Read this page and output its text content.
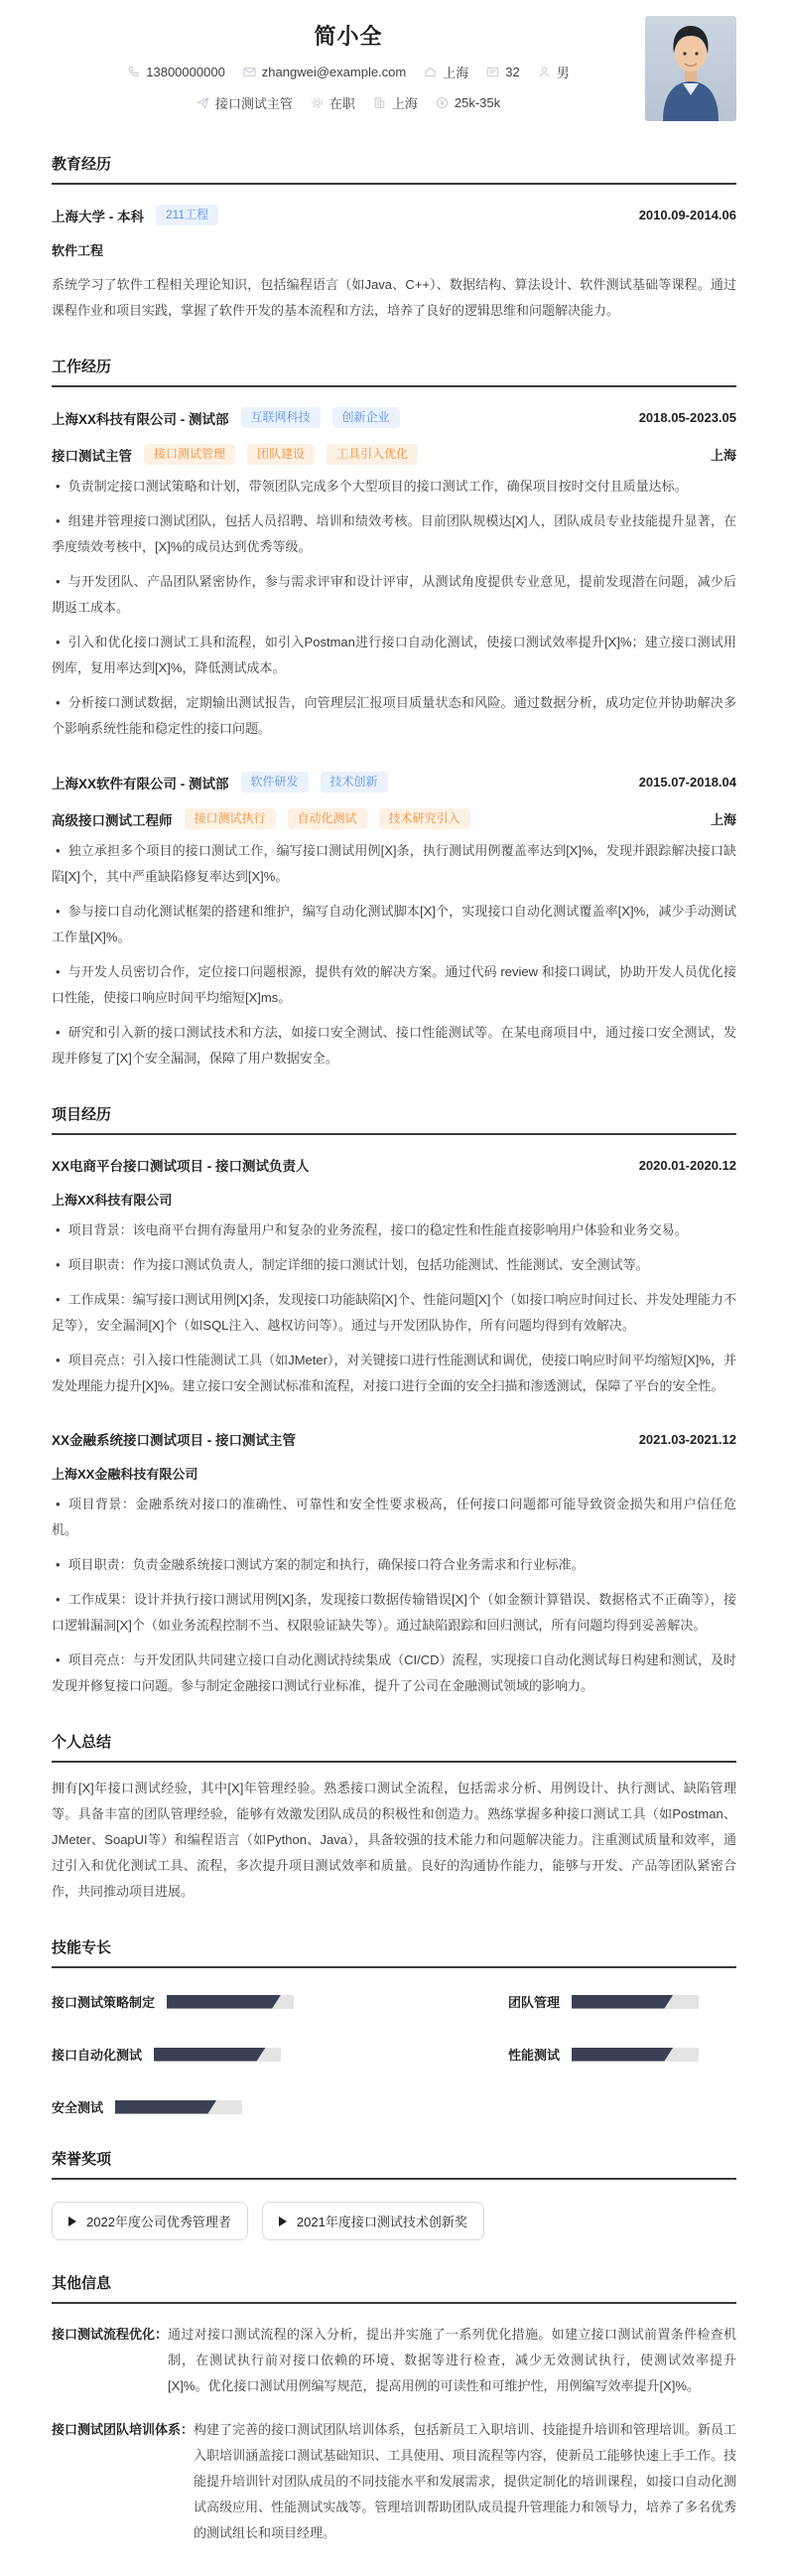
简小全
13800000000	zhangwei@example.com	上海	32	男
接口测试主管	在职	上海	25k-35k
教育经历
上海大学 - 本科	211工程	2010.09-2014.06
软件工程

系统学习了软件工程相关理论知识，包括编程语言（如Java、C++）、数据结构、算法设计、软件测试基础等课程。通过课程作业和项目实践，掌握了软件开发的基本流程和方法，培养了良好的逻辑思维和问题解决能力。

工作经历
上海XX科技有限公司 - 测试部	互联网科技	创新企业	2018.05-2023.05
接口测试主管	接口测试管理	团队建设	工具引入优化	上海

• 负责制定接口测试策略和计划，带领团队完成多个大型项目的接口测试工作，确保项目按时交付且质量达标。

• 组建并管理接口测试团队，包括人员招聘、培训和绩效考核。目前团队规模达[X]人，团队成员专业技能提升显著，在季度绩效考核中，[X]%的成员达到优秀等级。

• 与开发团队、产品团队紧密协作，参与需求评审和设计评审，从测试角度提供专业意见，提前发现潜在问题，减少后期返工成本。

• 引入和优化接口测试工具和流程，如引入Postman进行接口自动化测试，使接口测试效率提升[X]%；建立接口测试用例库，复用率达到[X]%，降低测试成本。

• 分析接口测试数据，定期输出测试报告，向管理层汇报项目质量状态和风险。通过数据分析，成功定位并协助解决多个影响系统性能和稳定性的接口问题。

上海XX软件有限公司 - 测试部	软件研发	技术创新	2015.07-2018.04
高级接口测试工程师	接口测试执行	自动化测试	技术研究引入	上海

• 独立承担多个项目的接口测试工作，编写接口测试用例[X]条，执行测试用例覆盖率达到[X]%，发现并跟踪解决接口缺陷[X]个，其中严重缺陷修复率达到[X]%。

• 参与接口自动化测试框架的搭建和维护，编写自动化测试脚本[X]个，实现接口自动化测试覆盖率[X]%，减少手动测试工作量[X]%。

• 与开发人员密切合作，定位接口问题根源，提供有效的解决方案。通过代码 review 和接口调试，协助开发人员优化接口性能，使接口响应时间平均缩短[X]ms。

• 研究和引入新的接口测试技术和方法，如接口安全测试、接口性能测试等。在某电商项目中，通过接口安全测试，发现并修复了[X]个安全漏洞，保障了用户数据安全。

项目经历
XX电商平台接口测试项目 - 接口测试负责人	2020.01-2020.12
上海XX科技有限公司

• 项目背景：该电商平台拥有海量用户和复杂的业务流程，接口的稳定性和性能直接影响用户体验和业务交易。

• 项目职责：作为接口测试负责人，制定详细的接口测试计划，包括功能测试、性能测试、安全测试等。

• 工作成果：编写接口测试用例[X]条，发现接口功能缺陷[X]个、性能问题[X]个（如接口响应时间过长、并发处理能力不足等），安全漏洞[X]个（如SQL注入、越权访问等）。通过与开发团队协作，所有问题均得到有效解决。

• 项目亮点：引入接口性能测试工具（如JMeter），对关键接口进行性能测试和调优，使接口响应时间平均缩短[X]%，并发处理能力提升[X]%。建立接口安全测试标准和流程，对接口进行全面的安全扫描和渗透测试，保障了平台的安全性。

XX金融系统接口测试项目 - 接口测试主管	2021.03-2021.12
上海XX金融科技有限公司

• 项目背景：金融系统对接口的准确性、可靠性和安全性要求极高，任何接口问题都可能导致资金损失和用户信任危机。

• 项目职责：负责金融系统接口测试方案的制定和执行，确保接口符合业务需求和行业标准。

• 工作成果：设计并执行接口测试用例[X]条，发现接口数据传输错误[X]个（如金额计算错误、数据格式不正确等），接口逻辑漏洞[X]个（如业务流程控制不当、权限验证缺失等）。通过缺陷跟踪和回归测试，所有问题均得到妥善解决。

• 项目亮点：与开发团队共同建立接口自动化测试持续集成（CI/CD）流程，实现接口自动化测试每日构建和测试，及时发现并修复接口问题。参与制定金融接口测试行业标准，提升了公司在金融测试领域的影响力。

个人总结

拥有[X]年接口测试经验，其中[X]年管理经验。熟悉接口测试全流程，包括需求分析、用例设计、执行测试、缺陷管理等。具备丰富的团队管理经验，能够有效激发团队成员的积极性和创造力。熟练掌握多种接口测试工具（如Postman、JMeter、SoapUI等）和编程语言（如Python、Java），具备较强的技术能力和问题解决能力。注重测试质量和效率，通过引入和优化测试工具、流程，多次提升项目测试效率和质量。良好的沟通协作能力，能够与开发、产品等团队紧密合作，共同推动项目进展。

技能专长
接口测试策略制定	团队管理
接口自动化测试	性能测试
安全测试
荣誉奖项
2022年度公司优秀管理者	2021年度接口测试技术创新奖
其他信息
接口测试流程优化： 通过对接口测试流程的深入分析，提出并实施了一系列优化措施。如建立接口测试前置条件检查机制，在测试执行前对接口依赖的环境、数据等进行检查，减少无效测试执行，使测试效率提升[X]%。优化接口测试用例编写规范，提高用例的可读性和可维护性，用例编写效率提升[X]%。
接口测试团队培训体系： 构建了完善的接口测试团队培训体系，包括新员工入职培训、技能提升培训和管理培训。新员工入职培训涵盖接口测试基础知识、工具使用、项目流程等内容，使新员工能够快速上手工作。技能提升培训针对团队成员的不同技能水平和发展需求，提供定制化的培训课程，如接口自动化测试高级应用、性能测试实战等。管理培训帮助团队成员提升管理能力和领导力，培养了多名优秀的测试组长和项目经理。
